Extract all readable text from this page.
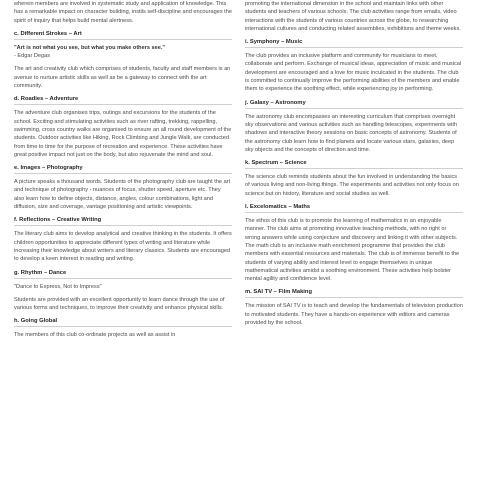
wherein members are involved in systematic study and application of knowledge. This has a remarkable impact on character building, instils self-discipline and encourages the spirit of inquiry that helps build mental alertness.

c. Different Strokes – Art

"Art is not what you see, but what you make others see."

- Edgar Degas

The art and creativity club which comprises of students, faculty and staff members is an avenue to nurture artistic skills as well as be a gateway to connect with the art community.

d. Roadies – Adventure

The adventure club organises trips, outings and excursions for the students of the school. Exciting and stimulating activities such as river rafting, trekking, rappelling, swimming, cross country walks are organised to ensure an all round development of the students. Outdoor activities like Hiking, Rock Climbing and Jungle Walk, are conducted from time to time for the purpose of recreation and experience. These activities have great positive impact not just on the body, but also rejuvenate the mind and soul.

e. Images – Photography

A picture speaks a thousand words. Students of the photography club are taught the art and technique of photography - nuances of focus, shutter speed, aperture etc. They also learn how to define objects, distance, angles, colour combinations, light and diffusion, size and coverage, vantage positioning and artistic viewpoints.

f. Reflections – Creative Writing

The literary club aims to develop analytical and creative thinking in the students. It offers children opportunities to appreciate different types of writing and literature while increasing their knowledge about writers and literary classics. Students are encouraged to develop a keen interest in reading and writing.

g. Rhythm – Dance

"Dance to Express, Not to Impress"

Students are provided with an excellent opportunity to learn dance through the use of various forms and techniques, to improve their creativity and enhance physical skills.

h. Going Global

The members of this club co-ordinate projects as well as assist in

promoting the international dimension in the school and maintain links with other students and teachers of various schools. The club activities range from emails, video interactions with the students of various countries across the globe, to researching international cultures and conducting related assemblies, exhibitions and theme weeks.

i. Symphony – Music

The club provides an inclusive platform and community for musicians to meet, collaborate and perform. Exchange of musical ideas, appreciation of music and musical development are encouraged and a love for music inculcated in the students. The club is committed to continually improve the performing abilities of the members and enable them to experience the soothing effect, while experiencing joy in performing.

j. Galaxy – Astronomy

The astronomy club encompasses an interesting curriculum that comprises overnight sky observations and various activities such as handling telescopes, experiments with shadows and interactive theory sessions on basic concepts of astronomy. Students of the astronomy club learn how to find planets and locate various stars, galaxies, deep sky objects and the concepts of direction and time.

k. Spectrum – Science

The science club reminds students about the fun involved in understanding the basics of various living and non-living things. The experiments and activities not only focus on science but on history, literature and social studies as well.

l. Excelomatics – Maths

The ethos of this club is to promote the learning of mathematics in an enjoyable manner. The club aims at promoting innovative teaching methods, with no right or wrong answers while using conjecture and discovery and linking it with other subjects. The math club is an inclusive math enrichment programme that provides the club members with essential resources and materials. The club is of immense benefit to the students of varying ability and interest level to engage themselves in unique mathematical activities amidst a soothing environment. These activities help bolster mental agility and confidence level.

m. SAI TV – Film Making

The mission of SAI TV is to teach and develop the fundamentals of television production to motivated students. They have a hands-on experience with editors and cameras provided by the school.
